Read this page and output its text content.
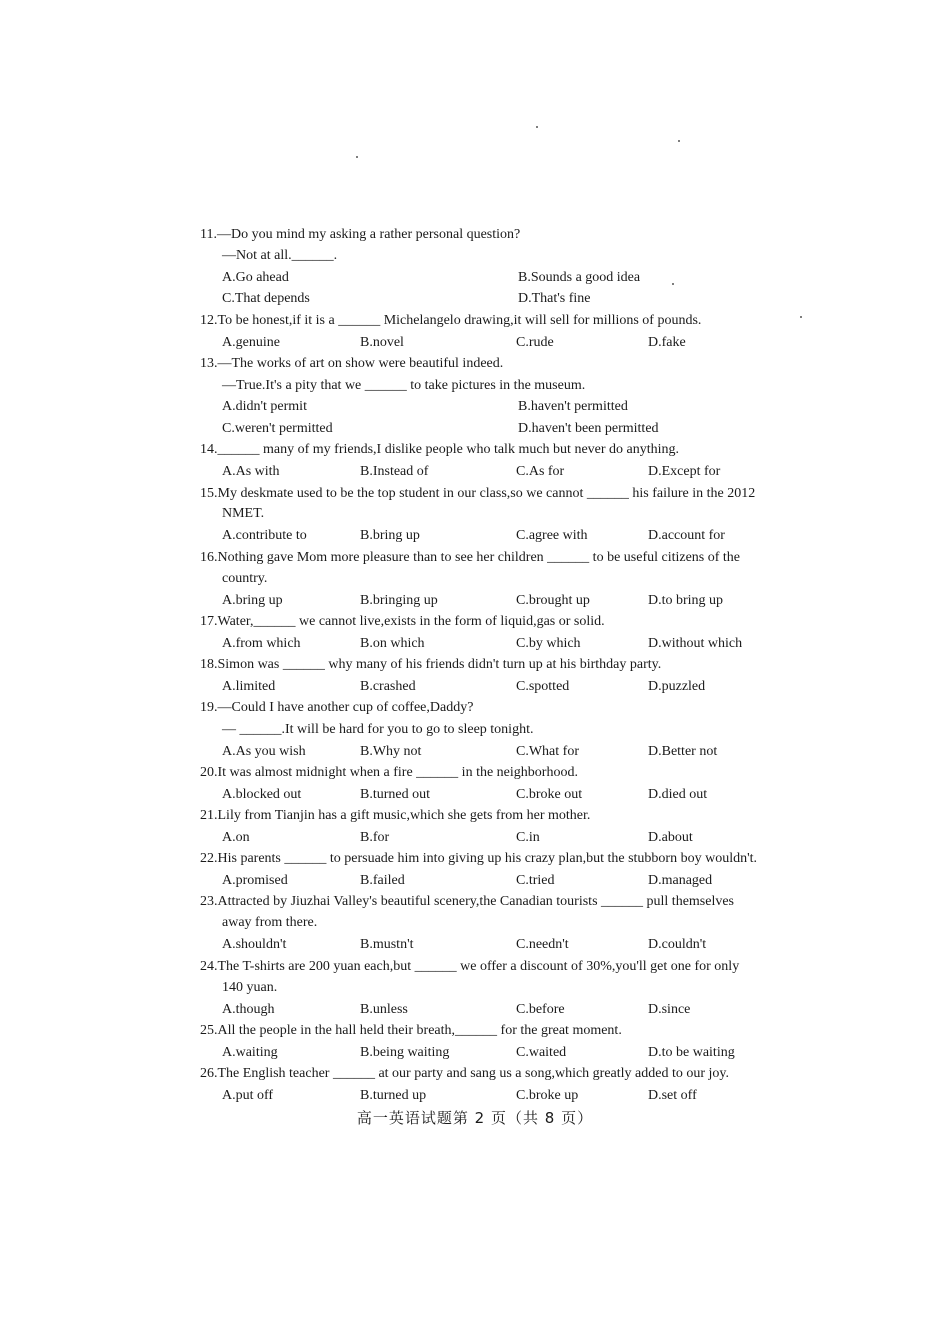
11.—Do you mind my asking a rather personal question?
—Not at all.______.
A.Go ahead	B.Sounds a good idea
C.That depends	D.That's fine
12.To be honest,if it is a ______ Michelangelo drawing,it will sell for millions of pounds.
A.genuine	B.novel	C.rude	D.fake
13.—The works of art on show were beautiful indeed.
—True.It's a pity that we ______ to take pictures in the museum.
A.didn't permit	B.haven't permitted
C.weren't permitted	D.haven't been permitted
14.______ many of my friends,I dislike people who talk much but never do anything.
A.As with	B.Instead of	C.As for	D.Except for
15.My deskmate used to be the top student in our class,so we cannot ______ his failure in the 2012
NMET.
A.contribute to	B.bring up	C.agree with	D.account for
16.Nothing gave Mom more pleasure than to see her children ______ to be useful citizens of the
country.
A.bring up	B.bringing up	C.brought up	D.to bring up
17.Water,______ we cannot live,exists in the form of liquid,gas or solid.
A.from which	B.on which	C.by which	D.without which
18.Simon was ______ why many of his friends didn't turn up at his birthday party.
A.limited	B.crashed	C.spotted	D.puzzled
19.—Could I have another cup of coffee,Daddy?
— ______.It will be hard for you to go to sleep tonight.
A.As you wish	B.Why not	C.What for	D.Better not
20.It was almost midnight when a fire ______ in the neighborhood.
A.blocked out	B.turned out	C.broke out	D.died out
21.Lily from Tianjin has a gift music,which she gets from her mother.
A.on	B.for	C.in	D.about
22.His parents ______ to persuade him into giving up his crazy plan,but the stubborn boy wouldn't.
A.promised	B.failed	C.tried	D.managed
23.Attracted by Jiuzhai Valley's beautiful scenery,the Canadian tourists ______ pull themselves
away from there.
A.shouldn't	B.mustn't	C.needn't	D.couldn't
24.The T-shirts are 200 yuan each,but ______ we offer a discount of 30%,you'll get one for only
140 yuan.
A.though	B.unless	C.before	D.since
25.All the people in the hall held their breath,______ for the great moment.
A.waiting	B.being waiting	C.waited	D.to be waiting
26.The English teacher ______ at our party and sang us a song,which greatly added to our joy.
A.put off	B.turned up	C.broke up	D.set off
高一英语试题第 2 页（共 8 页）
